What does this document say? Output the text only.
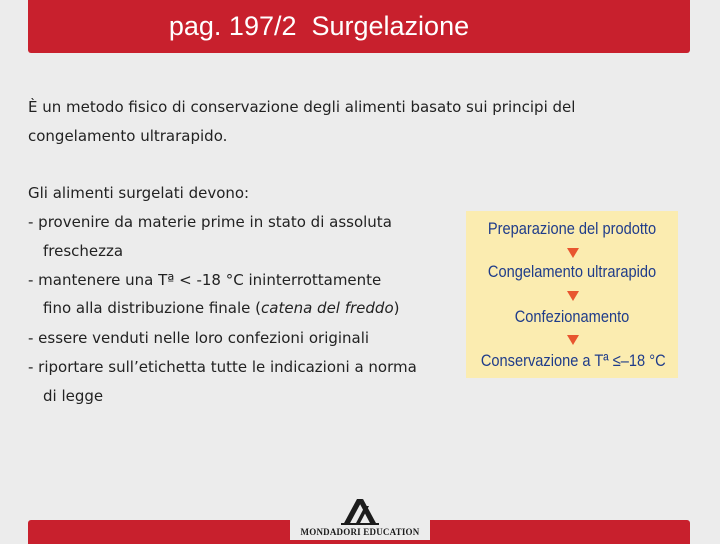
pag. 197/2  Surgelazione
È un metodo fisico di conservazione degli alimenti basato sui principi del
congelamento ultrarapido.
Gli alimenti surgelati devono:
- provenire da materie prime in stato di assoluta
freschezza
- mantenere una Tª < -18 °C ininterrottamente
fino alla distribuzione finale (catena del freddo)
- essere venduti nelle loro confezioni originali
- riportare sull’etichetta tutte le indicazioni a norma
di legge
Preparazione del prodotto
Congelamento ultrarapido
Confezionamento
Conservazione a Tª ≤–18 °C
MONDADORI EDUCATION
